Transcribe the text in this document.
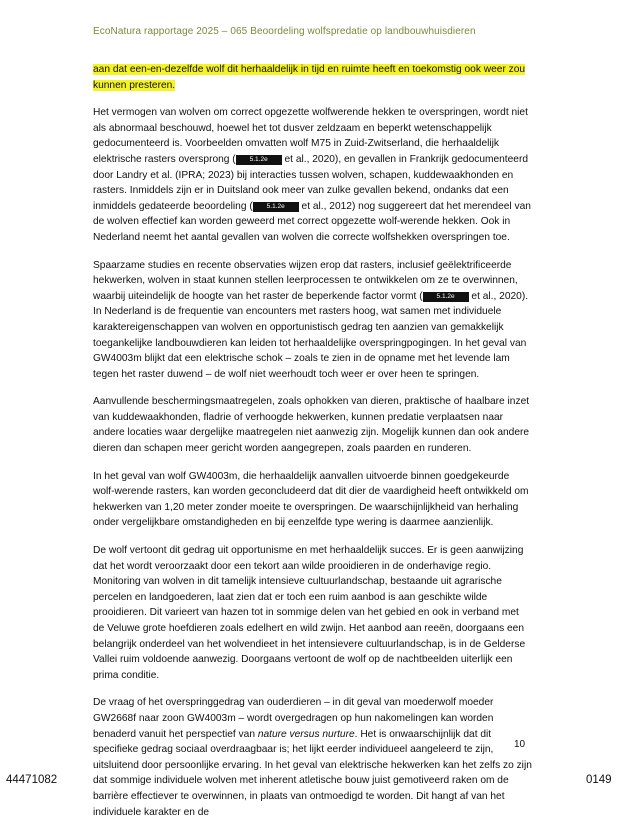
EcoNatura rapportage 2025 – 065 Beoordeling wolfspredatie op landbouwhuisdieren

aan dat een-en-dezelfde wolf dit herhaaldelijk in tijd en ruimte heeft en toekomstig ook weer zou kunnen presteren.

Het vermogen van wolven om correct opgezette wolfwerende hekken te overspringen, wordt niet als abnormaal beschouwd, hoewel het tot dusver zeldzaam en beperkt wetenschappelijk gedocumenteerd is. Voorbeelden omvatten wolf M75 in Zuid-Zwitserland, die herhaaldelijk elektrische rasters oversprong ( 5.1.2e et al., 2020), en gevallen in Frankrijk gedocumenteerd door Landry et al. (IPRA; 2023) bij interacties tussen wolven, schapen, kuddewaakhonden en rasters. Inmiddels zijn er in Duitsland ook meer van zulke gevallen bekend, ondanks dat een inmiddels gedateerde beoordeling ( 5.1.2e et al., 2012) nog suggereert dat het merendeel van de wolven effectief kan worden geweerd met correct opgezette wolf-werende hekken. Ook in Nederland neemt het aantal gevallen van wolven die correcte wolfshekken overspringen toe.

Spaarzame studies en recente observaties wijzen erop dat rasters, inclusief geëlektrificeerde hekwerken, wolven in staat kunnen stellen leerprocessen te ontwikkelen om ze te overwinnen, waarbij uiteindelijk de hoogte van het raster de beperkende factor vormt ( 5.1.2e et al., 2020). In Nederland is de frequentie van encounters met rasters hoog, wat samen met individuele karaktereigenschappen van wolven en opportunistisch gedrag ten aanzien van gemakkelijk toegankelijke landbouwdieren kan leiden tot herhaaldelijke overspringpogingen. In het geval van GW4003m blijkt dat een elektrische schok – zoals te zien in de opname met het levende lam tegen het raster duwend – de wolf niet weerhoudt toch weer er over heen te springen.

Aanvullende beschermingsmaatregelen, zoals ophokken van dieren, praktische of haalbare inzet van kuddewaakhonden, fladrie of verhoogde hekwerken, kunnen predatie verplaatsen naar andere locaties waar dergelijke maatregelen niet aanwezig zijn. Mogelijk kunnen dan ook andere dieren dan schapen meer gericht worden aangegrepen, zoals paarden en runderen.

In het geval van wolf GW4003m, die herhaaldelijk aanvallen uitvoerde binnen goedgekeurde wolf-werende rasters, kan worden geconcludeerd dat dit dier de vaardigheid heeft ontwikkeld om hekwerken van 1,20 meter zonder moeite te overspringen. De waarschijnlijkheid van herhaling onder vergelijkbare omstandigheden en bij eenzelfde type wering is daarmee aanzienlijk.

De wolf vertoont dit gedrag uit opportunisme en met herhaaldelijk succes. Er is geen aanwijzing dat het wordt veroorzaakt door een tekort aan wilde prooidieren in de onderhavige regio. Monitoring van wolven in dit tamelijk intensieve cultuurlandschap, bestaande uit agrarische percelen en landgoederen, laat zien dat er toch een ruim aanbod is aan geschikte wilde prooidieren. Dit varieert van hazen tot in sommige delen van het gebied en ook in verband met de Veluwe grote hoefdieren zoals edelhert en wild zwijn. Het aanbod aan reeën, doorgaans een belangrijk onderdeel van het wolvendieet in het intensievere cultuurlandschap, is in de Gelderse Vallei ruim voldoende aanwezig. Doorgaans vertoont de wolf op de nachtbeelden uiterlijk een prima conditie.

De vraag of het overspringgedrag van ouderdieren – in dit geval van moederwolf moeder GW2668f naar zoon GW4003m – wordt overgedragen op hun nakomelingen kan worden benaderd vanuit het perspectief van nature versus nurture. Het is onwaarschijnlijk dat dit specifieke gedrag sociaal overdraagbaar is; het lijkt eerder individueel aangeleerd te zijn, uitsluitend door persoonlijke ervaring. In het geval van elektrische hekwerken kan het zelfs zo zijn dat sommige individuele wolven met inherent atletische bouw juist gemotiveerd raken om de barrière effectiever te overwinnen, in plaats van ontmoedigd te worden. Dit hangt af van het individuele karakter en de

10
44471082	0149
